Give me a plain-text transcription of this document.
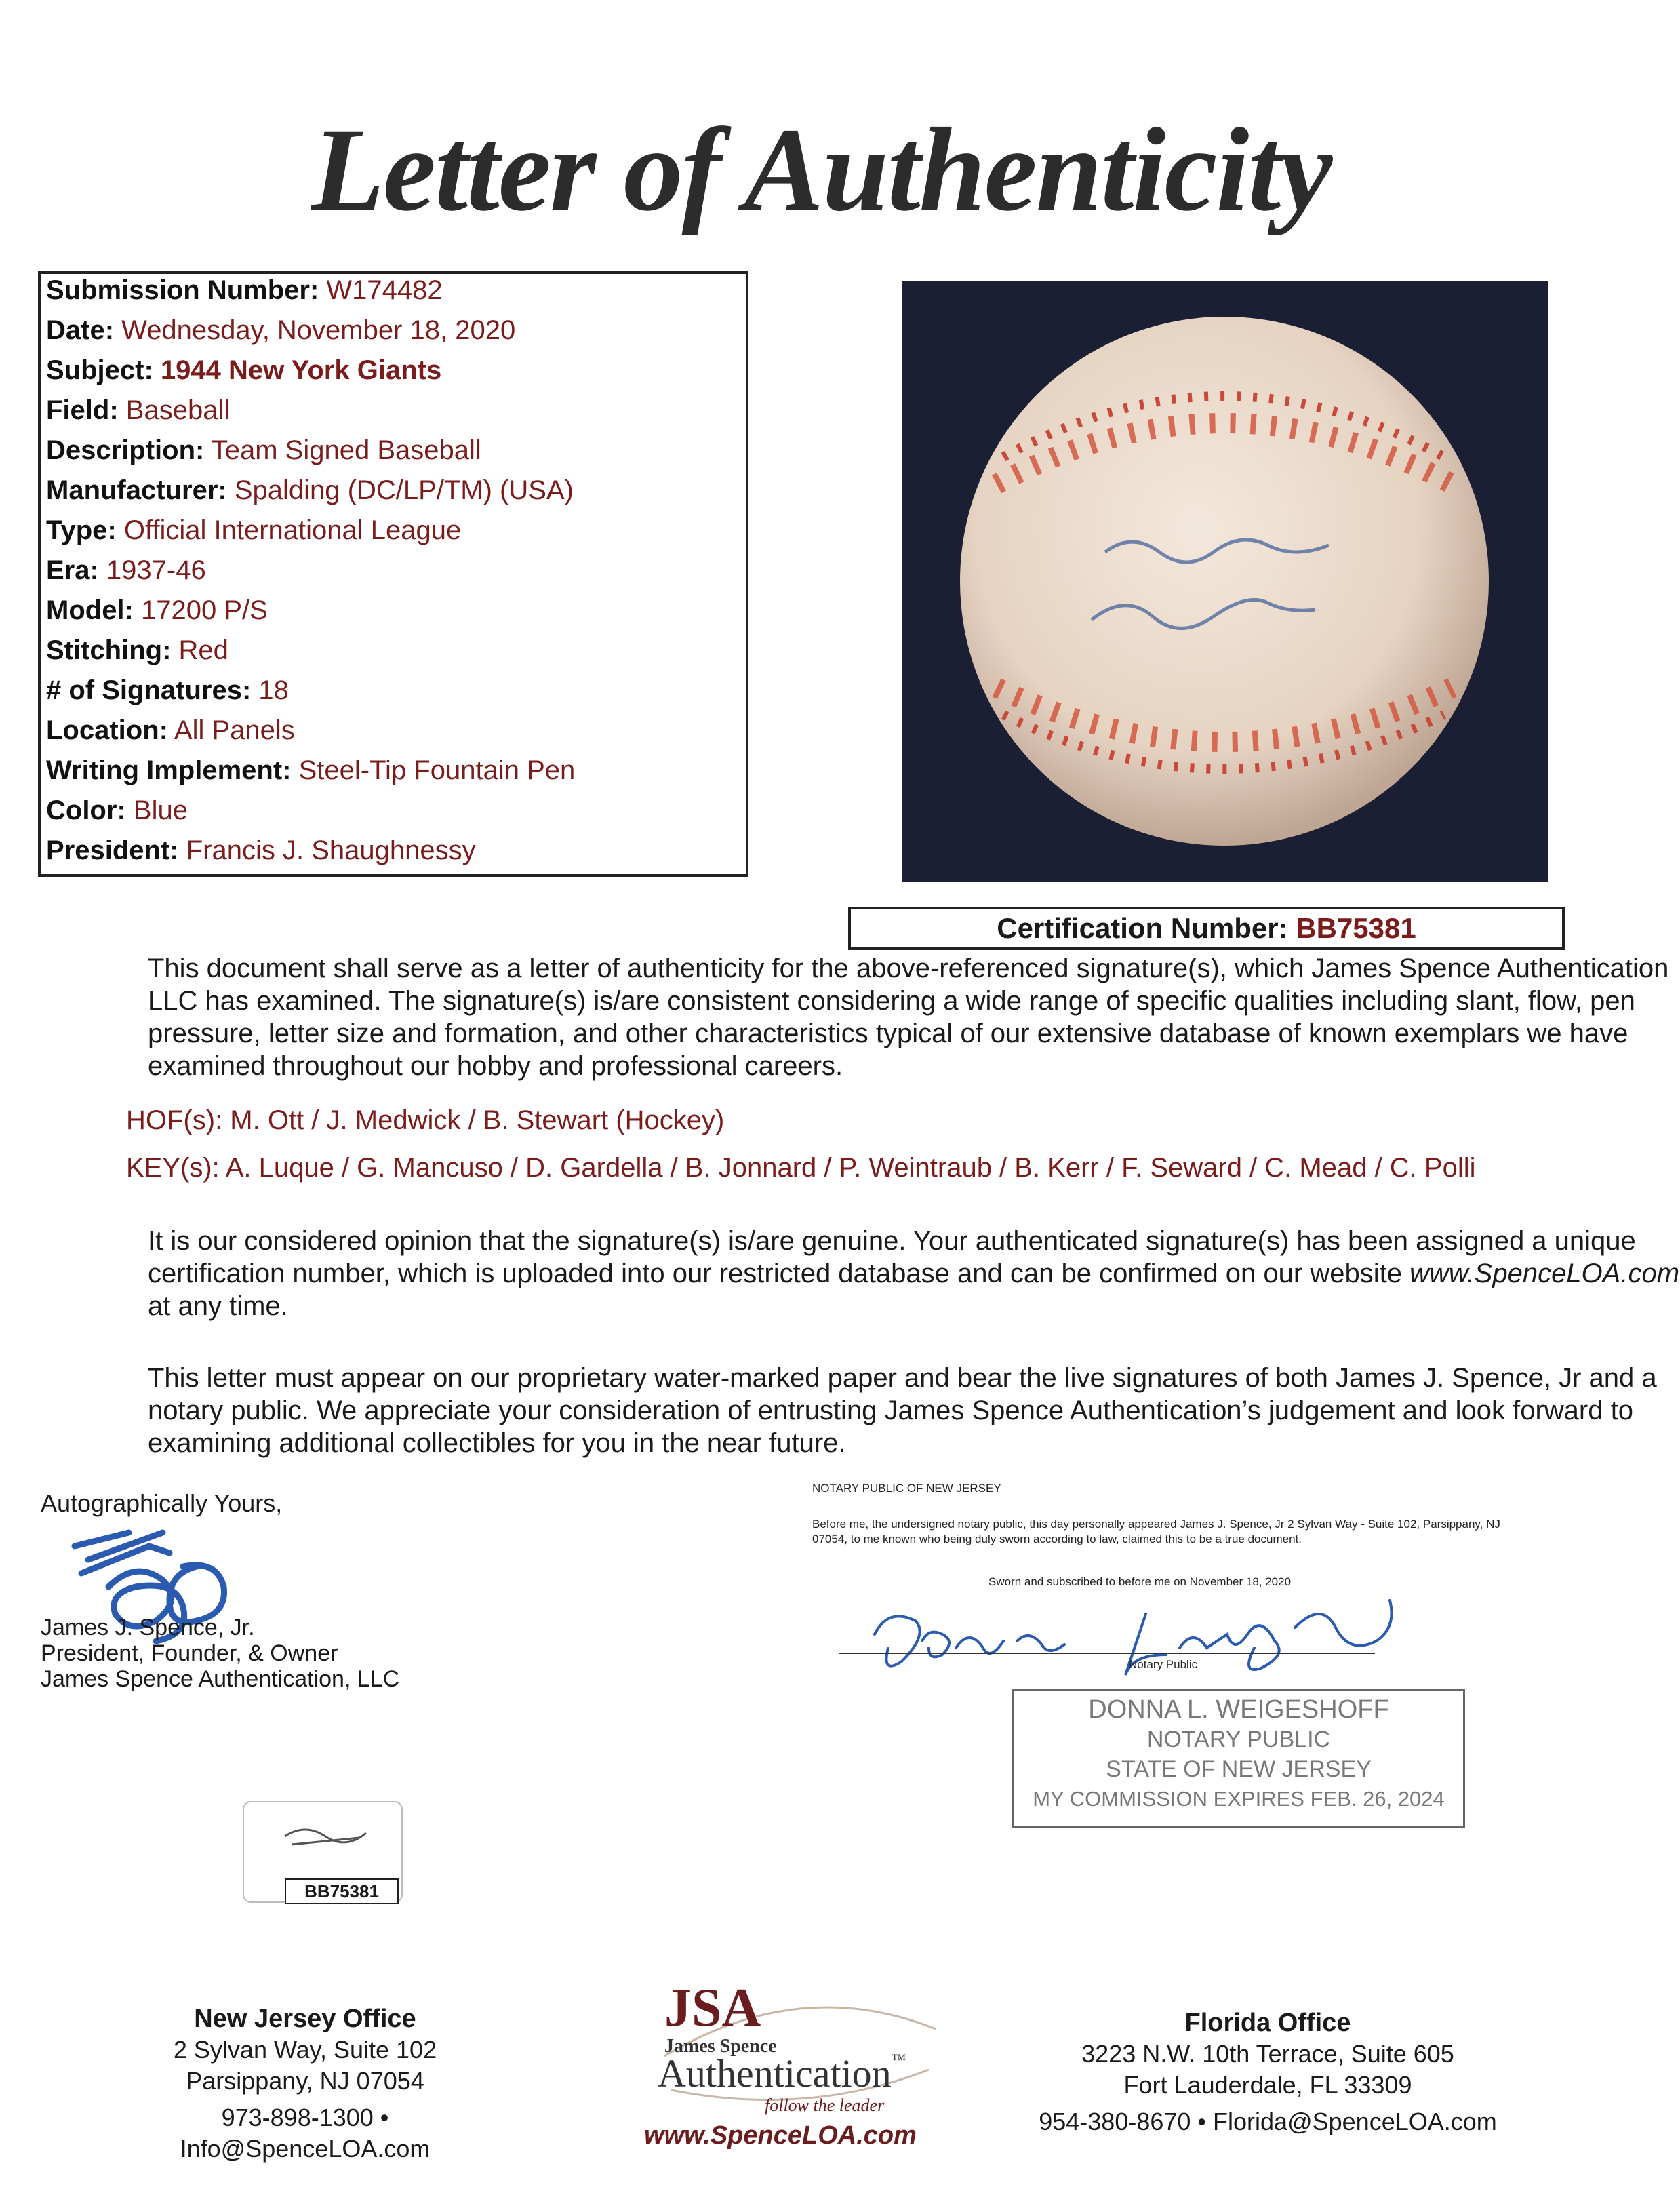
Letter of Authenticity
Submission Number: W174482
Date: Wednesday, November 18, 2020
Subject: 1944 New York Giants
Field: Baseball
Description: Team Signed Baseball
Manufacturer: Spalding (DC/LP/TM) (USA)
Type: Official International League
Era: 1937-46
Model: 17200 P/S
Stitching: Red
# of Signatures: 18
Location: All Panels
Writing Implement: Steel-Tip Fountain Pen
Color: Blue
President: Francis J. Shaughnessy
Certification Number: BB75381
This document shall serve as a letter of authenticity for the above-referenced signature(s), which James Spence Authentication LLC has examined. The signature(s) is/are consistent considering a wide range of specific qualities including slant, flow, pen pressure, letter size and formation, and other characteristics typical of our extensive database of known exemplars we have examined throughout our hobby and professional careers.
HOF(s): M. Ott / J. Medwick / B. Stewart (Hockey)
KEY(s): A. Luque / G. Mancuso / D. Gardella / B. Jonnard / P. Weintraub / B. Kerr / F. Seward / C. Mead / C. Polli
It is our considered opinion that the signature(s) is/are genuine. Your authenticated signature(s) has been assigned a unique certification number, which is uploaded into our restricted database and can be confirmed on our website www.SpenceLOA.com at any time.
This letter must appear on our proprietary water-marked paper and bear the live signatures of both James J. Spence, Jr and a notary public. We appreciate your consideration of entrusting James Spence Authentication’s judgement and look forward to examining additional collectibles for you in the near future.
Autographically Yours,
James J. Spence, Jr.
President, Founder, & Owner
James Spence Authentication, LLC
NOTARY PUBLIC OF NEW JERSEY
Before me, the undersigned notary public, this day personally appeared James J. Spence, Jr 2 Sylvan Way - Suite 102, Parsippany, NJ 07054, to me known who being duly sworn according to law, claimed this to be a true document.
Sworn and subscribed to before me on November 18, 2020
Notary Public
DONNA L. WEIGESHOFF
NOTARY PUBLIC
STATE OF NEW JERSEY
MY COMMISSION EXPIRES FEB. 26, 2024
BB75381
New Jersey Office
2 Sylvan Way, Suite 102
Parsippany, NJ 07054
973-898-1300 • Info@SpenceLOA.com
JSA
James Spence
Authentication™
follow the leader
www.SpenceLOA.com
Florida Office
3223 N.W. 10th Terrace, Suite 605
Fort Lauderdale, FL 33309
954-380-8670 • Florida@SpenceLOA.com
